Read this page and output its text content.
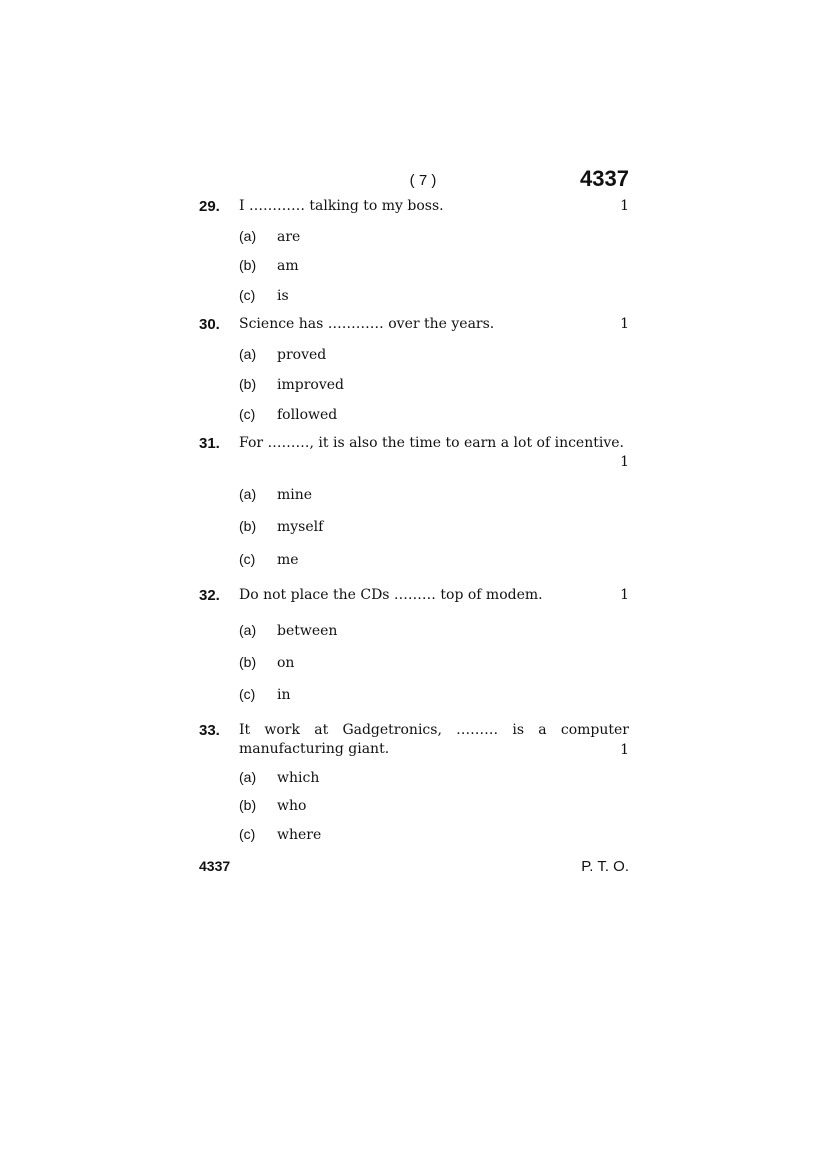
( 7 )	4337
29. I ………… talking to my boss.	1
(a) are
(b) am
(c) is
30. Science has ………… over the years.	1
(a) proved
(b) improved
(c) followed
31. For ………, it is also the time to earn a lot of incentive.
1
(a) mine
(b) myself
(c) me
32. Do not place the CDs ……… top of modem.	1
(a) between
(b) on
(c) in
33. It work at Gadgetronics, ……… is a computer manufacturing giant.	1
(a) which
(b) who
(c) where
4337	P. T. O.
